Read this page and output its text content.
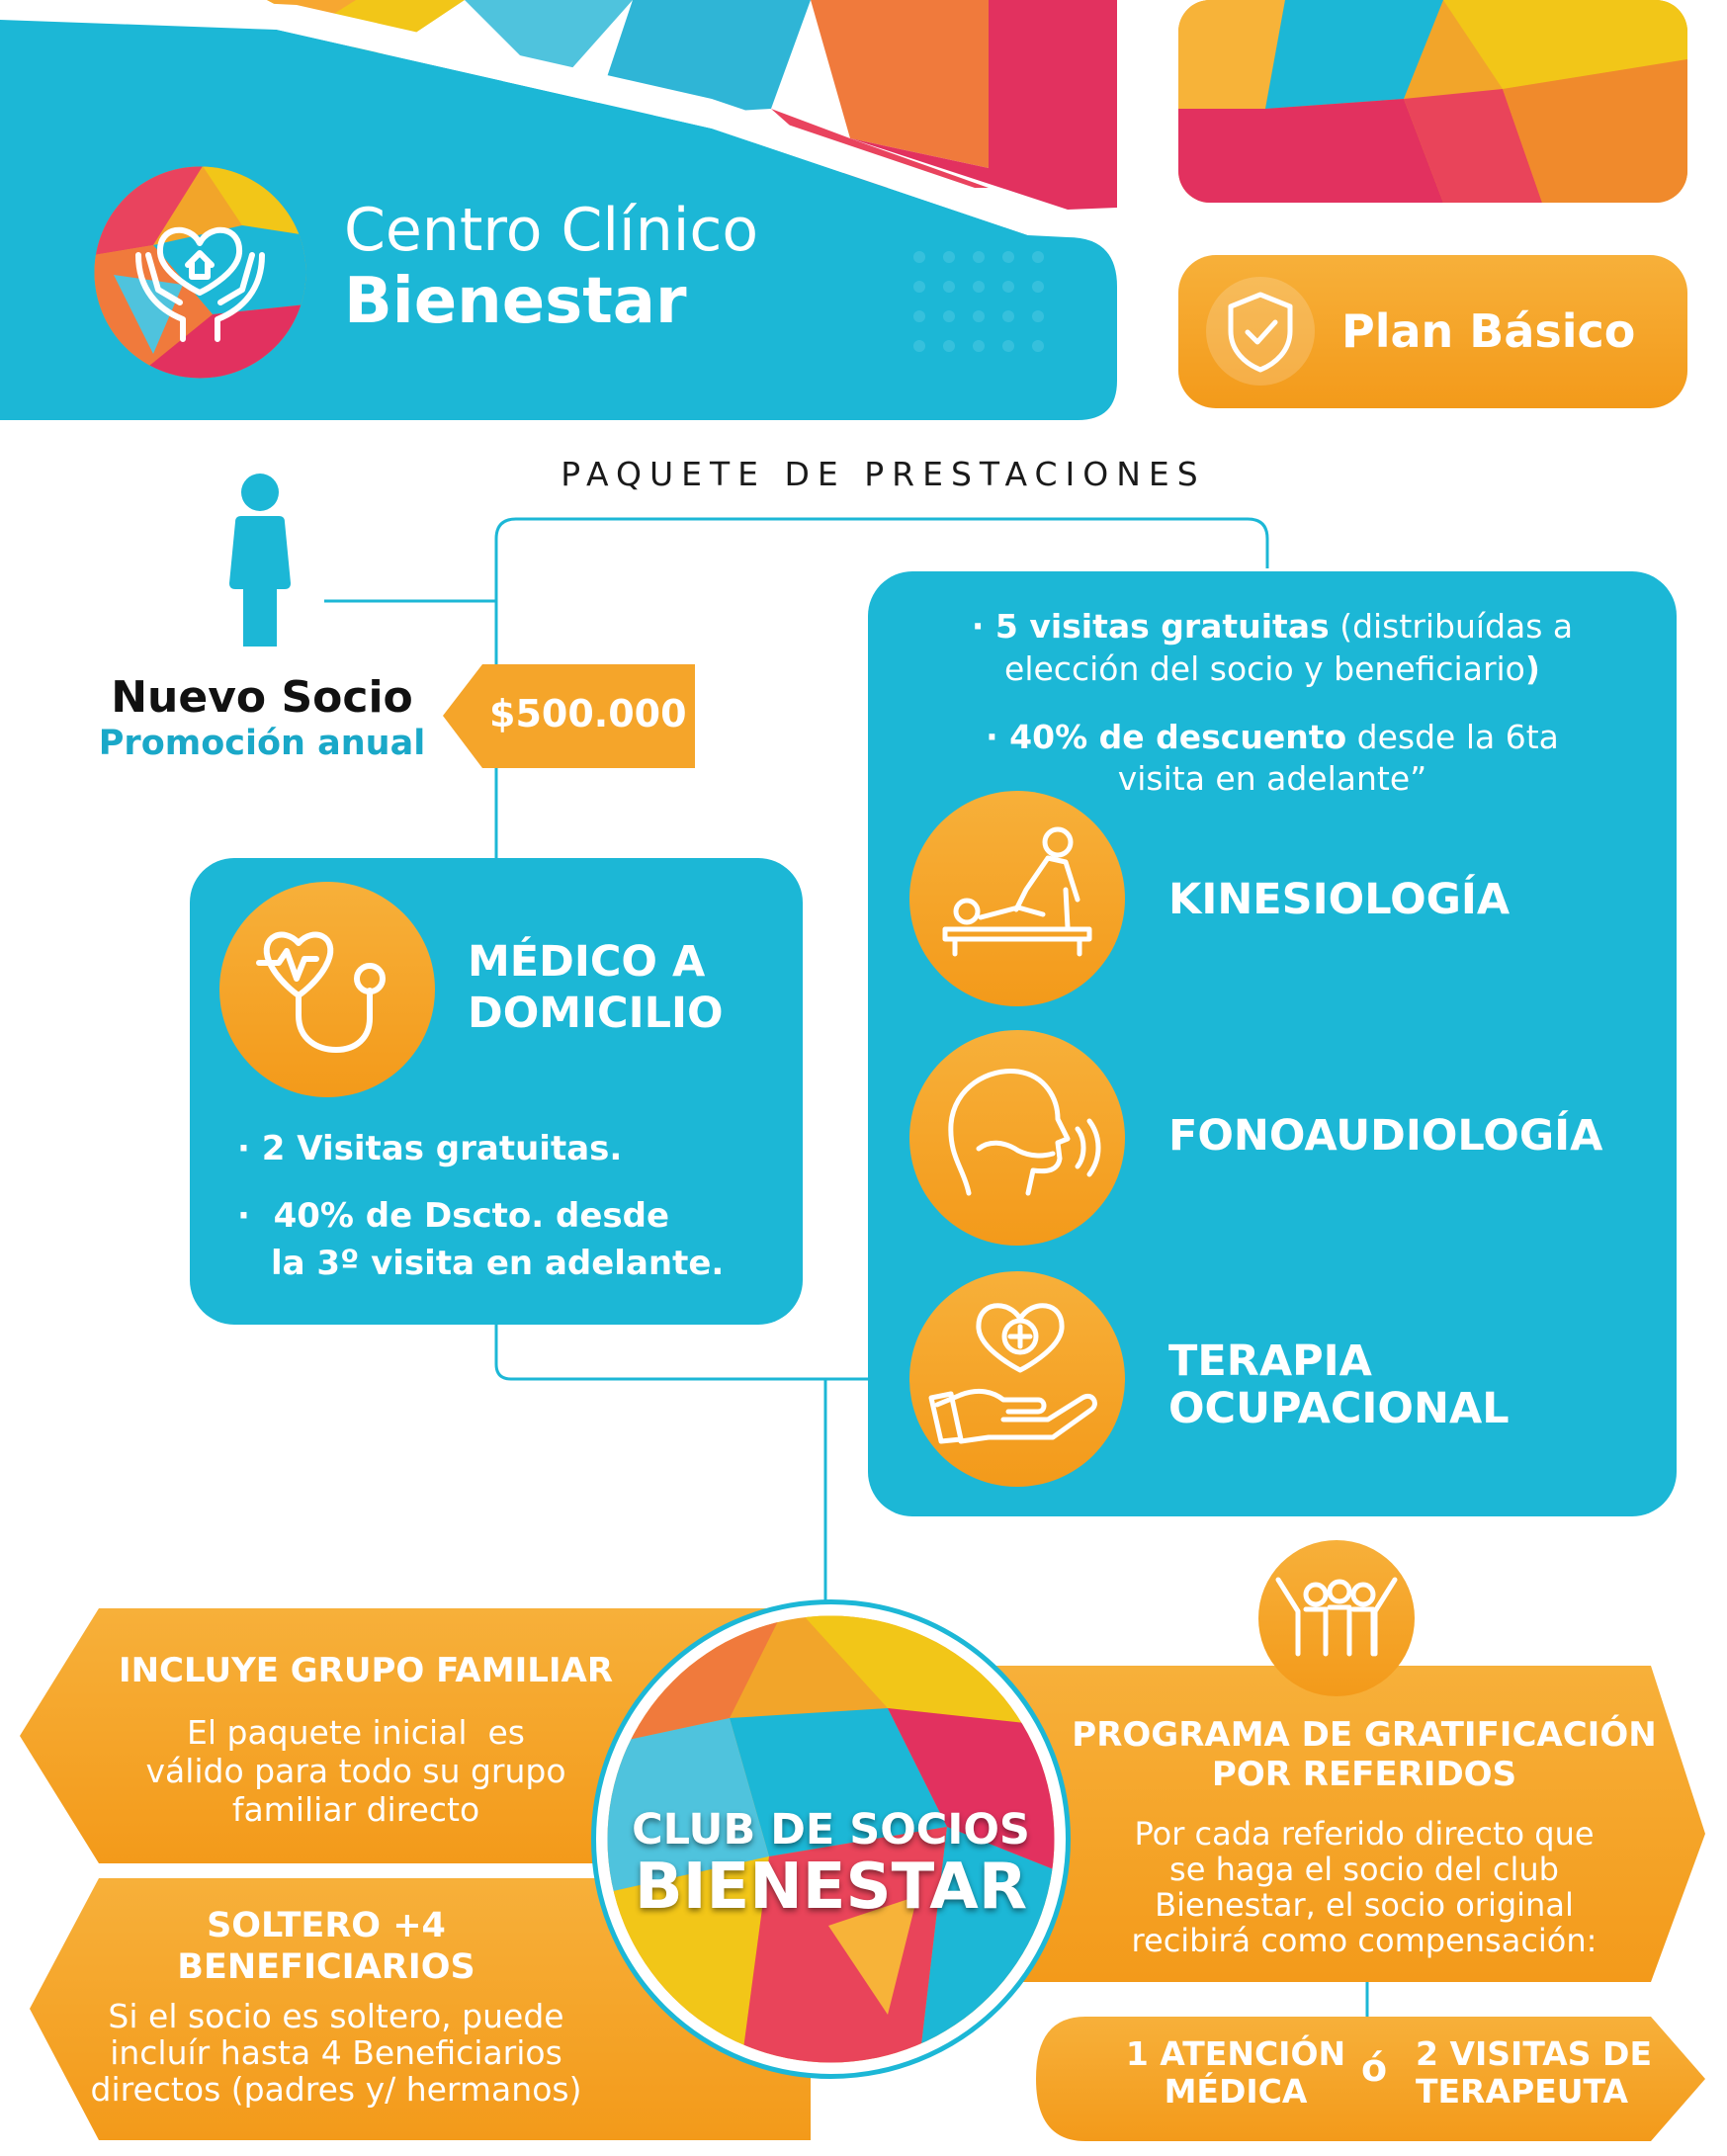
Centro Clínico
Bienestar	Plan Básico
PAQUETE DE PRESTACIONES
Nuevo Socio
Promoción anual
$500.000
MÉDICO A
DOMICILIO
· 2 Visitas gratuitas.
·  40% de Dscto. desde
la 3º visita en adelante.
· 5 visitas gratuitas (distribuídas a
elección del socio y beneficiario)
· 40% de descuento desde la 6ta
visita en adelante”
KINESIOLOGÍA
FONOAUDIOLOGÍA
TERAPIA
OCUPACIONAL
CLUB DE SOCIOS
BIENESTAR
INCLUYE GRUPO FAMILIAR
El paquete inicial  es
válido para todo su grupo
familiar directo
SOLTERO +4
BENEFICIARIOS
Si el socio es soltero, puede
incluír hasta 4 Beneficiarios
directos (padres y/ hermanos)
PROGRAMA DE GRATIFICACIÓN
POR REFERIDOS
Por cada referido directo que
se haga el socio del club
Bienestar, el socio original
recibirá como compensación:
1 ATENCIÓN
MÉDICA
ó 2 VISITAS DE
TERAPEUTA
